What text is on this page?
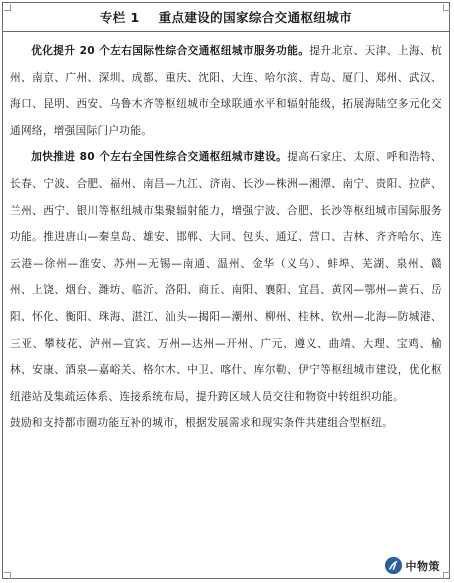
专栏 1    重点建设的国家综合交通枢纽城市

优化提升 20 个左右国际性综合交通枢纽城市服务功能。提升北京、天津、上海、杭州、南京、广州、深圳、成都、重庆、沈阳、大连、哈尔滨、青岛、厦门、郑州、武汉、海口、昆明、西安、乌鲁木齐等枢纽城市全球联通水平和辐射能级，拓展海陆空多元化交通网络，增强国际门户功能。

加快推进 80 个左右全国性综合交通枢纽城市建设。提高石家庄、太原、呼和浩特、长春、宁波、合肥、福州、南昌—九江、济南、长沙—株洲—湘潭、南宁、贵阳、拉萨、兰州、西宁、银川等枢纽城市集聚辐射能力，增强宁波、合肥、长沙等枢纽城市国际服务功能。推进唐山—秦皇岛、雄安、邯郸、大同、包头、通辽、营口、吉林、齐齐哈尔、连云港—徐州—淮安、苏州—无锡—南通、温州、金华（义乌）、蚌埠、芜湖、泉州、赣州、上饶、烟台、潍坊、临沂、洛阳、商丘、南阳、襄阳、宜昌、黄冈—鄂州—黄石、岳阳、怀化、衡阳、珠海、湛江、汕头—揭阳—潮州、柳州、桂林、钦州—北海—防城港、三亚、攀枝花、泸州—宜宾、万州—达州—开州、广元、遵义、曲靖、大理、宝鸡、榆林、安康、酒泉—嘉峪关、格尔木、中卫、喀什、库尔勒、伊宁等枢纽城市建设，优化枢纽港站及集疏运体系、连接系统布局，提升跨区域人员交往和物资中转组织功能。

鼓励和支持都市圈功能互补的城市，根据发展需求和现实条件共建组合型枢纽。

中物策
